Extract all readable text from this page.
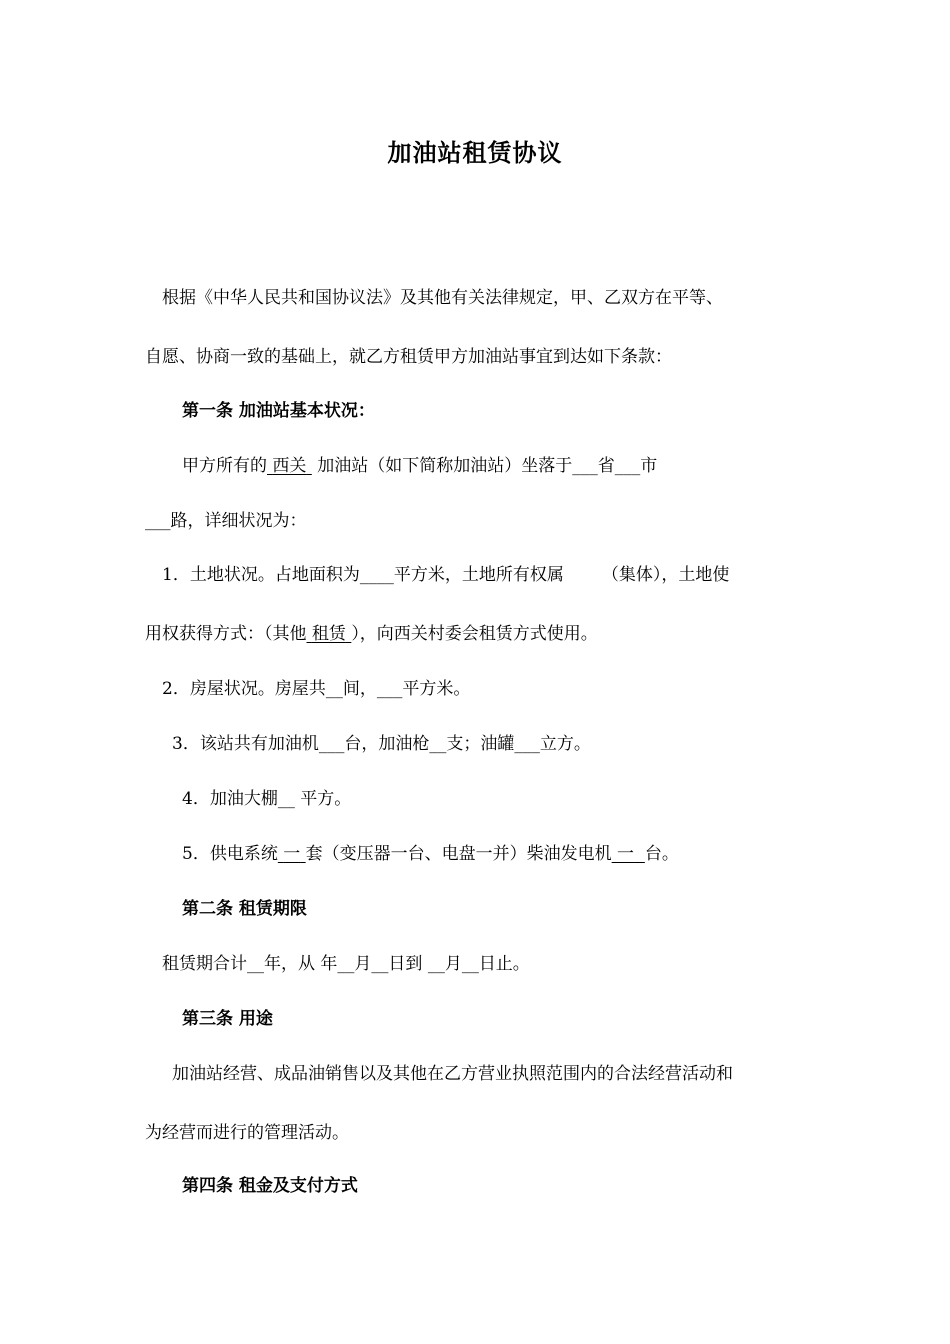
加油站租赁协议
根据《中华人民共和国协议法》及其他有关法律规定，甲、乙双方在平等、
自愿、协商一致的基础上，就乙方租赁甲方加油站事宜到达如下条款：
第一条 加油站基本状况：
甲方所有的 西关 加油站（如下简称加油站）坐落于___省___市
___路，详细状况为：
1．土地状况。占地面积为____平方米，土地所有权属 （集体），土地使
用权获得方式：（其他 租赁 ），向西关村委会租赁方式使用。
2．房屋状况。房屋共__间，___平方米。
3．该站共有加油机___台，加油枪__支；油罐___立方。
4．加油大棚__ 平方。
5．供电系统 一 套（变压器一台、电盘一并）柴油发电机 一 台。
第二条 租赁期限
租赁期合计__年，从 年__月__日到 __月__日止。
第三条 用途
加油站经营、成品油销售以及其他在乙方营业执照范围内的合法经营活动和
为经营而进行的管理活动。
第四条 租金及支付方式
